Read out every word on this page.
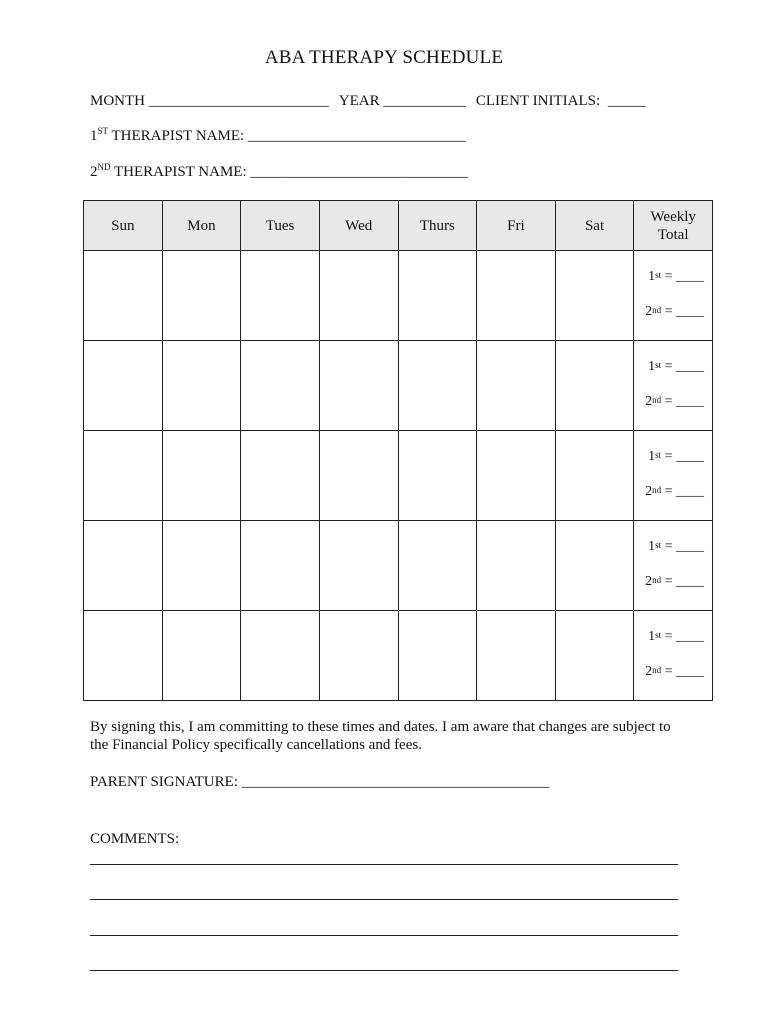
ABA THERAPY SCHEDULE
MONTH ________________________ YEAR ___________ CLIENT INITIALS: _____
1ST THERAPIST NAME: _____________________________
2ND THERAPIST NAME: _____________________________
Sun	Mon	Tues	Wed	Thurs	Fri	Sat	Weekly
Total

							1st = ____
2nd = ____

							1st = ____
2nd = ____

							1st = ____
2nd = ____

							1st = ____
2nd = ____

							1st = ____
2nd = ____
By signing this, I am committing to these times and dates. I am aware that changes are subject to the Financial Policy specifically cancellations and fees.
PARENT SIGNATURE: _________________________________________
COMMENTS:
